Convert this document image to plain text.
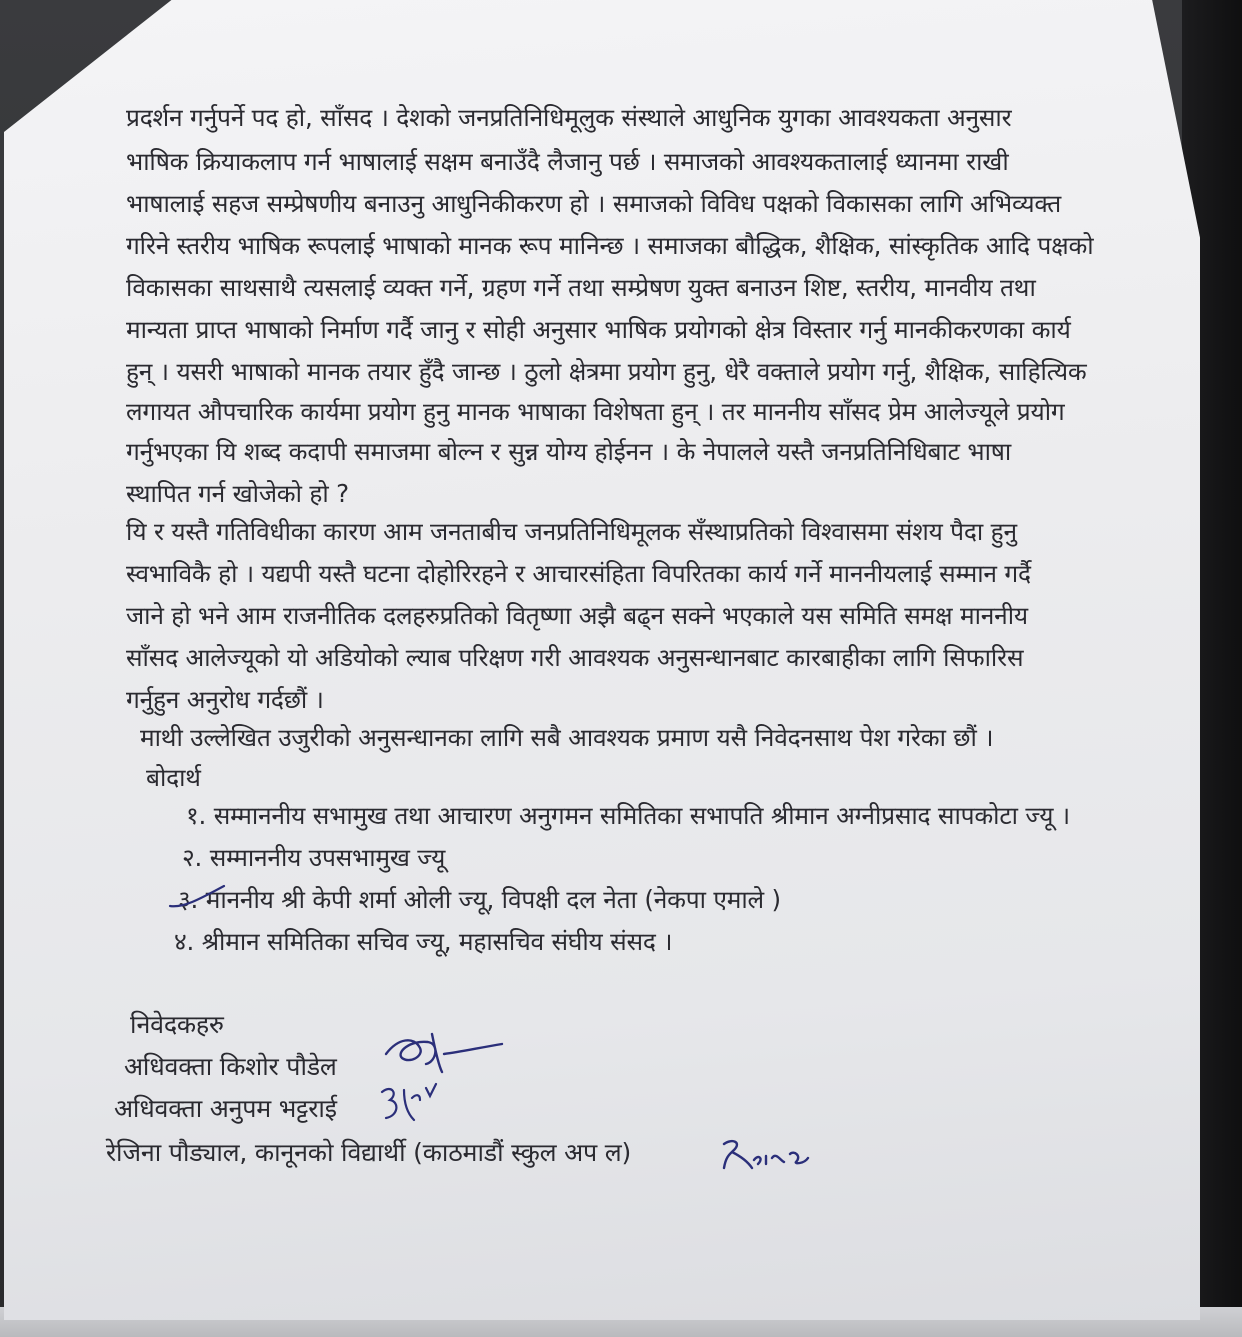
प्रदर्शन गर्नुपर्ने पद हो, साँसद । देशको जनप्रतिनिधिमूलुक संस्थाले आधुनिक युगका आवश्यकता अनुसार
भाषिक क्रियाकलाप गर्न भाषालाई सक्षम बनाउँदै लैजानु पर्छ । समाजको आवश्यकतालाई ध्यानमा राखी
भाषालाई सहज सम्प्रेषणीय बनाउनु आधुनिकीकरण हो । समाजको विविध पक्षको विकासका लागि अभिव्यक्त
गरिने स्तरीय भाषिक रूपलाई भाषाको मानक रूप मानिन्छ । समाजका बौद्धिक, शैक्षिक, सांस्कृतिक आदि पक्षको
विकासका साथसाथै त्यसलाई व्यक्त गर्ने, ग्रहण गर्ने तथा सम्प्रेषण युक्त बनाउन शिष्ट, स्तरीय, मानवीय तथा
मान्यता प्राप्त भाषाको निर्माण गर्दै जानु र सोही अनुसार भाषिक प्रयोगको क्षेत्र विस्तार गर्नु मानकीकरणका कार्य
हुन् । यसरी भाषाको मानक तयार हुँदै जान्छ । ठुलो क्षेत्रमा प्रयोग हुनु, धेरै वक्ताले प्रयोग गर्नु, शैक्षिक, साहित्यिक
लगायत औपचारिक कार्यमा प्रयोग हुनु मानक भाषाका विशेषता हुन् । तर माननीय साँसद प्रेम आलेज्यूले प्रयोग
गर्नुभएका यि शब्द कदापी समाजमा बोल्न र सुन्न योग्य होईनन । के नेपालले यस्तै जनप्रतिनिधिबाट भाषा
स्थापित गर्न खोजेको हो ?
यि र यस्तै गतिविधीका कारण आम जनताबीच जनप्रतिनिधिमूलक सँस्थाप्रतिको विश्वासमा संशय पैदा हुनु
स्वभाविकै हो । यद्यपी यस्तै घटना दोहोरिरहने र आचारसंहिता विपरितका कार्य गर्ने माननीयलाई सम्मान गर्दै
जाने हो भने आम राजनीतिक दलहरुप्रतिको वितृष्णा अझै बढ्न सक्ने भएकाले यस समिति समक्ष माननीय
साँसद आलेज्यूको यो अडियोको ल्याब परिक्षण गरी आवश्यक अनुसन्धानबाट कारबाहीका लागि सिफारिस
गर्नुहुन अनुरोध गर्दछौं ।
माथी उल्लेखित उजुरीको अनुसन्धानका लागि सबै आवश्यक प्रमाण यसै निवेदनसाथ पेश गरेका छौं ।
बोदार्थ
१. सम्माननीय सभामुख तथा आचारण अनुगमन समितिका सभापति श्रीमान अग्नीप्रसाद सापकोटा ज्यू ।
२. सम्माननीय उपसभामुख ज्यू
३. माननीय श्री केपी शर्मा ओली ज्यू, विपक्षी दल नेता (नेकपा एमाले )
४. श्रीमान समितिका सचिव ज्यू, महासचिव संघीय संसद ।
निवेदकहरु
अधिवक्ता किशोर पौडेल
अधिवक्ता अनुपम भट्टराई
रेजिना पौड्याल, कानूनको विद्यार्थी (काठमाडौं स्कुल अप ल)
